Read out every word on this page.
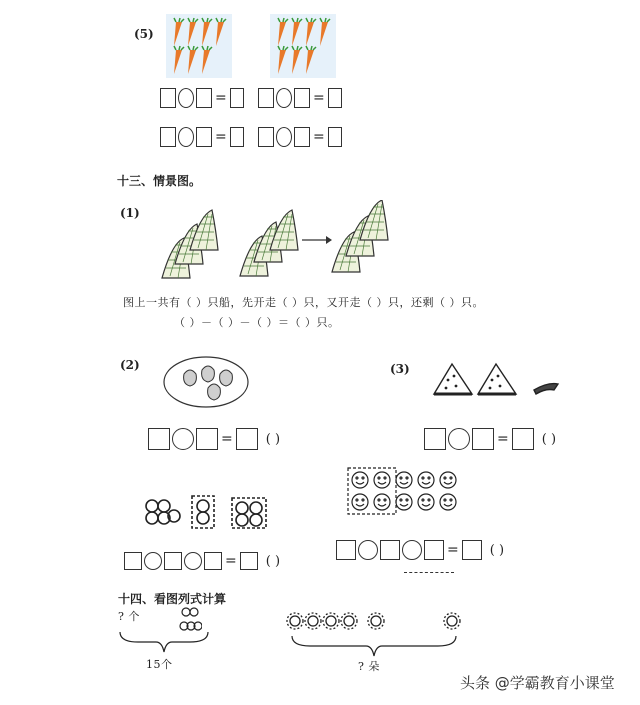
(5)
=	=
=	=
十三、情景图。
(1)
图上一共有（ ）只船，先开走（ ）只，又开走（ ）只，还剩（ ）只。
（ ）－（ ）－（ ）＝（ ）只。
(2)
=	( )
(3)
=	( )
= ( )
= ( )
十四、看图列式计算
? 个
15个	? 朵
头条 @学霸教育小课堂
